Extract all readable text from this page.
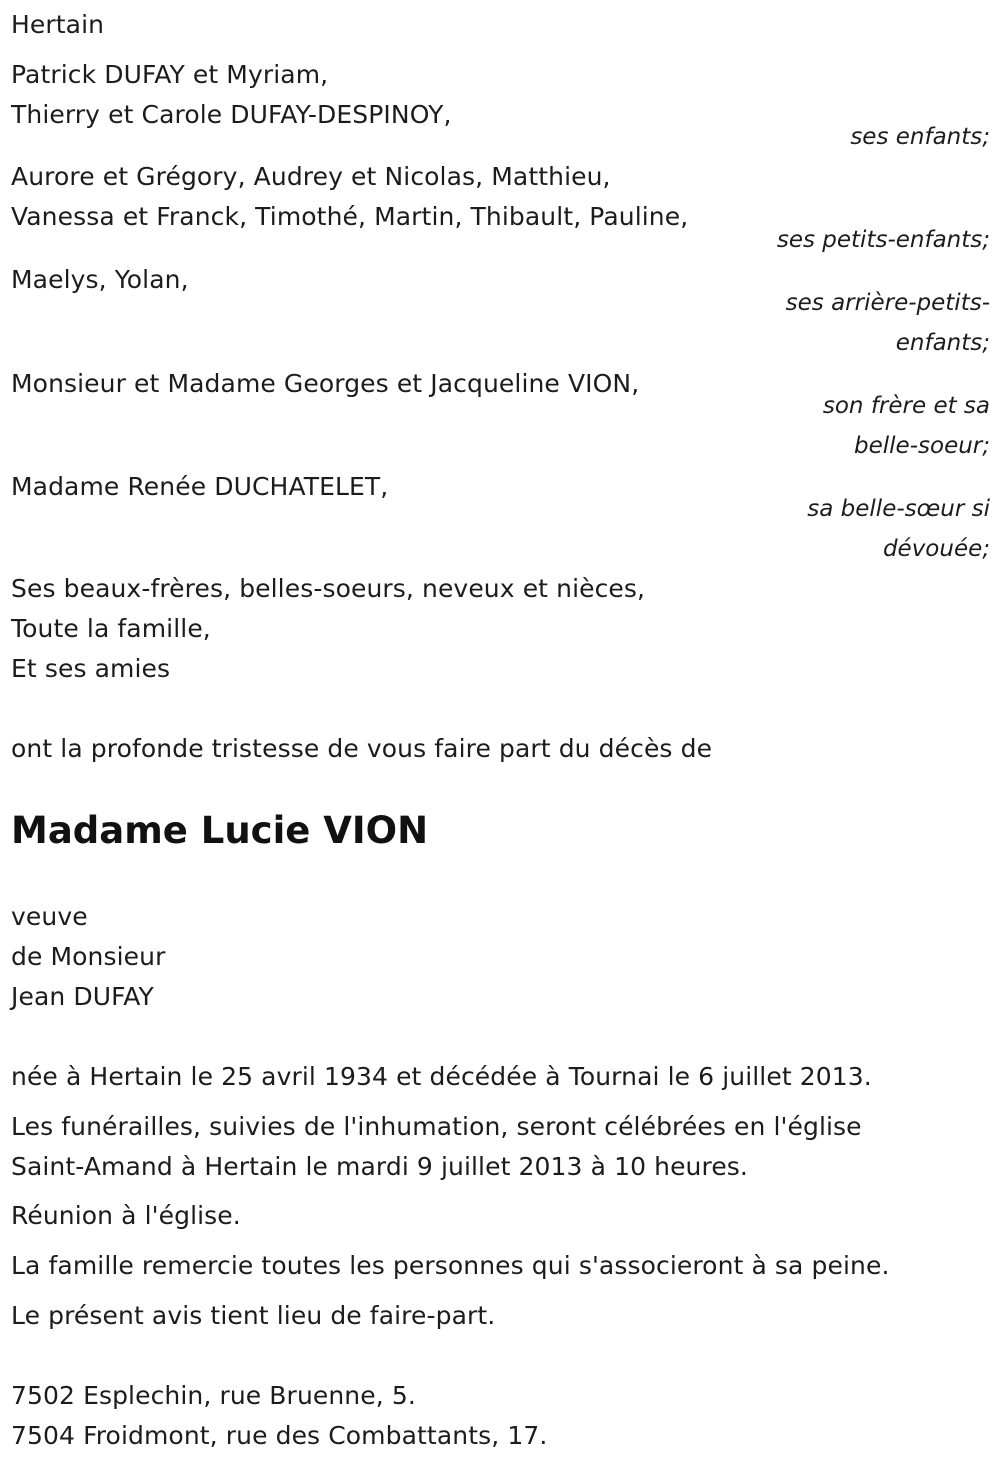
Hertain
Patrick DUFAY et Myriam,
Thierry et Carole DUFAY-DESPINOY,
ses enfants;
Aurore et Grégory, Audrey et Nicolas, Matthieu,
Vanessa et Franck, Timothé, Martin, Thibault, Pauline,
ses petits-enfants;
Maelys, Yolan,
ses arrière-petits-
enfants;
Monsieur et Madame Georges et Jacqueline VION,
son frère et sa
belle-soeur;
Madame Renée DUCHATELET,
sa belle-sœur si
dévouée;
Ses beaux-frères, belles-soeurs, neveux et nièces,
Toute la famille,
Et ses amies
ont la profonde tristesse de vous faire part du décès de
Madame Lucie VION
veuve
de Monsieur
Jean DUFAY
née à Hertain le 25 avril 1934 et décédée à Tournai le 6 juillet 2013.
Les funérailles, suivies de l'inhumation, seront célébrées en l'église
Saint-Amand à Hertain le mardi 9 juillet 2013 à 10 heures.
Réunion à l'église.
La famille remercie toutes les personnes qui s'associeront à sa peine.
Le présent avis tient lieu de faire-part.
7502 Esplechin, rue Bruenne, 5.
7504 Froidmont, rue des Combattants, 17.
